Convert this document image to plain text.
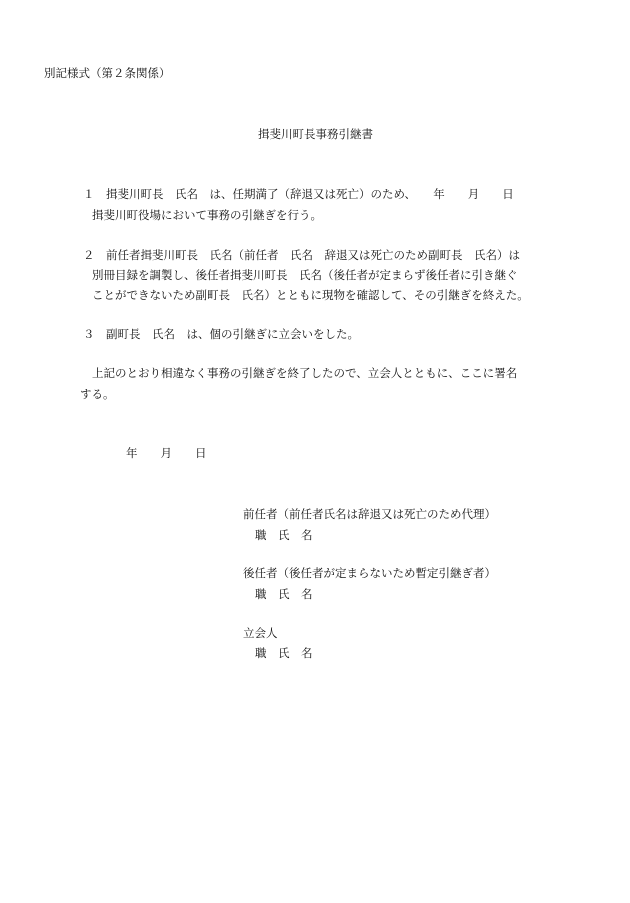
別記様式（第２条関係）
揖斐川町長事務引継書
１　揖斐川町長　氏名　は、任期満了（辞退又は死亡）のため、　　年　　月　　日
揖斐川町役場において事務の引継ぎを行う。
２　前任者揖斐川町長　氏名（前任者　氏名　辞退又は死亡のため副町長　氏名）は
別冊目録を調製し、後任者揖斐川町長　氏名（後任者が定まらず後任者に引き継ぐ
ことができないため副町長　氏名）とともに現物を確認して、その引継ぎを終えた。
３　副町長　氏名　は、個の引継ぎに立会いをした。
上記のとおり相違なく事務の引継ぎを終了したので、立会人とともに、ここに署名
する。
年　　月　　日
前任者（前任者氏名は辞退又は死亡のため代理）
職　氏　名
後任者（後任者が定まらないため暫定引継ぎ者）
職　氏　名
立会人
職　氏　名
